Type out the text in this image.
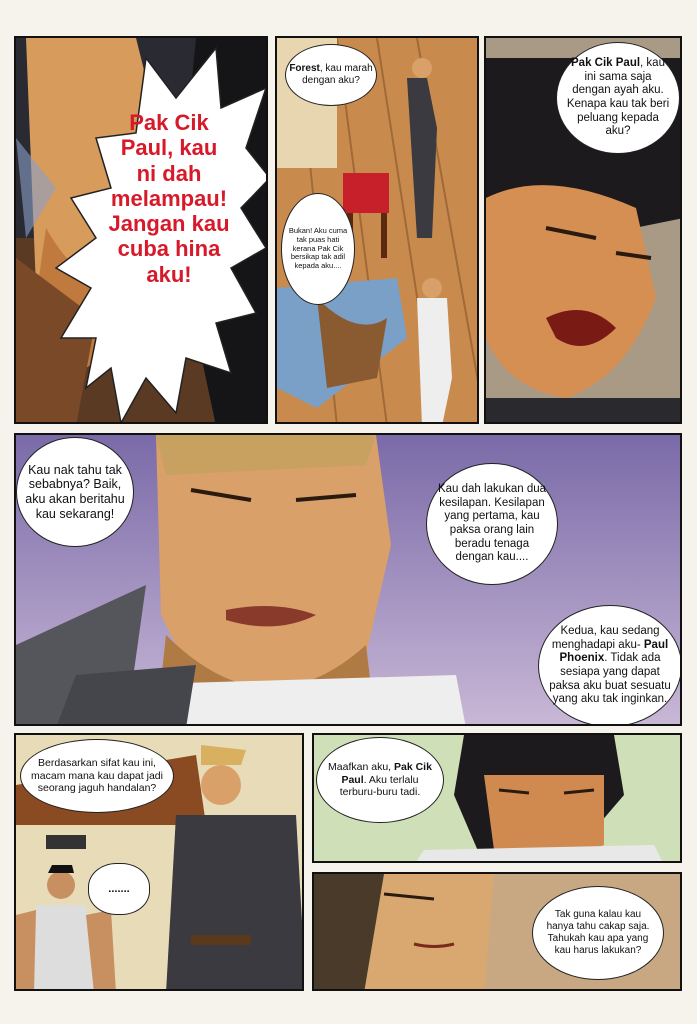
Pak Cik
Paul, kau
ni dah
melampau!
Jangan kau
cuba hina
aku!
Forest, kau marah dengan aku?
Bukan! Aku cuma tak puas hati kerana Pak Cik bersikap tak adil kepada aku....
Pak Cik Paul, kau ini sama saja dengan ayah aku. Kenapa kau tak beri peluang kepada aku?
Kau nak tahu tak sebabnya? Baik, aku akan beritahu kau sekarang!
Kau dah lakukan dua kesilapan. Kesilapan yang pertama, kau paksa orang lain beradu tenaga dengan kau....
Kedua, kau sedang menghadapi aku- Paul Phoenix. Tidak ada sesiapa yang dapat paksa aku buat sesuatu yang aku tak inginkan.
Berdasarkan sifat kau ini, macam mana kau dapat jadi seorang jaguh handalan?
.......
Maafkan aku, Pak Cik Paul. Aku terlalu terburu-buru tadi.
Tak guna kalau kau hanya tahu cakap saja. Tahukah kau apa yang kau harus lakukan?
